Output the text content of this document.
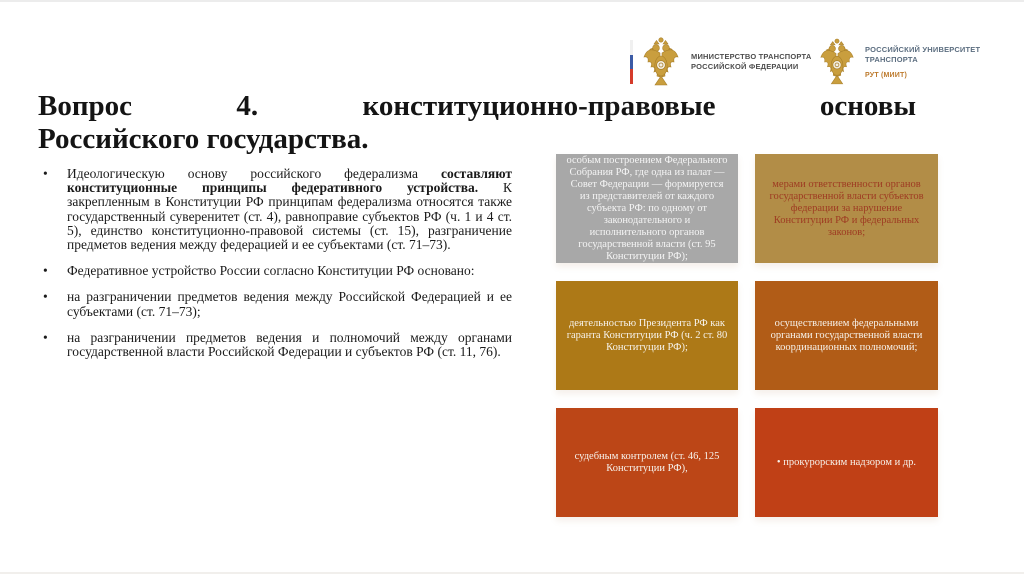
МИНИСТЕРСТВО ТРАНСПОРТА
РОССИЙСКОЙ ФЕДЕРАЦИИ
РОССИЙСКИЙ УНИВЕРСИТЕТ
ТРАНСПОРТА
РУТ (МИИТ)
Вопрос 4. конституционно-правовые основы
Российского государства.
•	Идеологическую основу российского федерализма составляют конституционные принципы федеративного устройства. К закрепленным в Конституции РФ принципам федерализма относятся также государственный суверенитет (ст. 4), равноправие субъектов РФ (ч. 1 и 4 ст. 5), единство конституционно-правовой системы (ст. 15), разграничение предметов ведения между федерацией и ее субъектами (ст. 71–73).
•	Федеративное устройство России согласно Конституции РФ основано:
•	на разграничении предметов ведения между Российской Федерацией и ее субъектами (ст. 71–73);
•	на разграничении предметов ведения и полномочий между органами государственной власти Российской Федерации и субъектов РФ (ст. 11, 76).
особым построением Федерального Собрания РФ, где одна из палат — Совет Федерации — формируется из представителей от каждого субъекта РФ: по одному от законодательного и исполнительного органов государственной власти (ст. 95 Конституции РФ);
мерами ответственности органов государственной власти субъектов федерации за нарушение Конституции РФ и федеральных законов;
деятельностью Президента РФ как гаранта Конституции РФ (ч. 2 ст. 80 Конституции РФ);
осуществлением федеральными органами государственной власти координационных полномочий;
судебным контролем (ст. 46, 125 Конституции РФ),
• прокурорским надзором и др.
